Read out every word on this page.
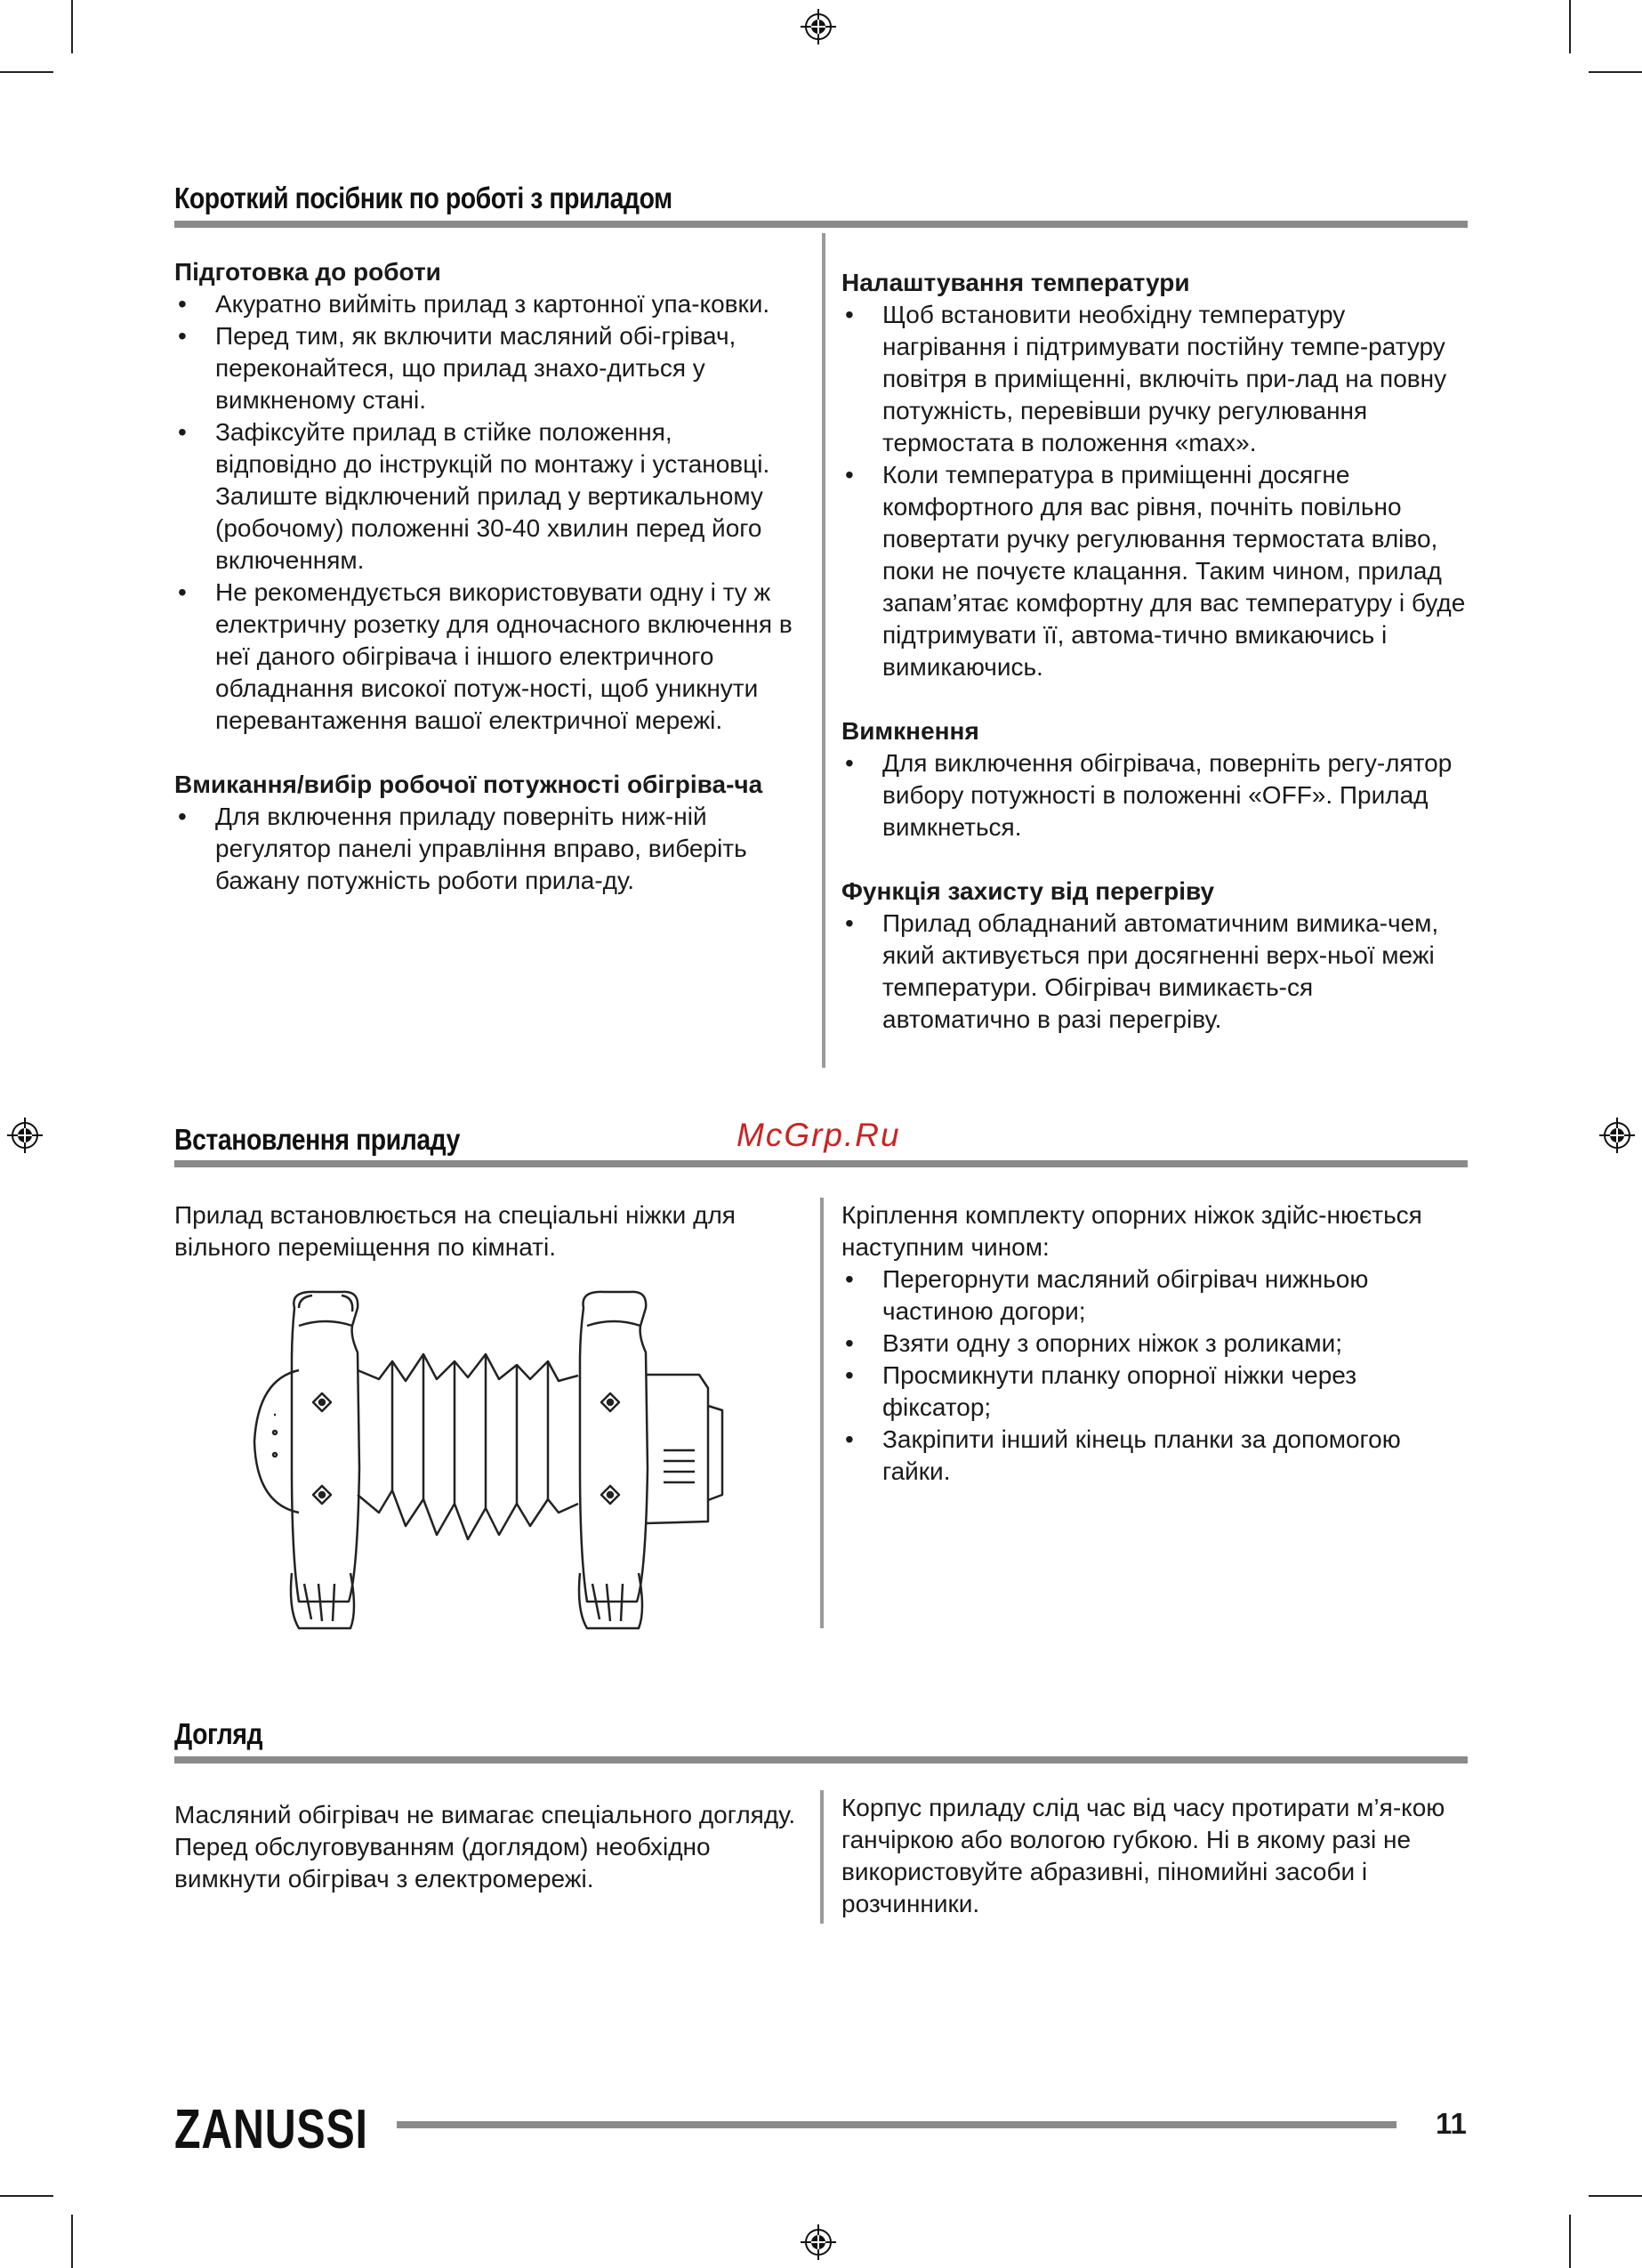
Короткий посібник по роботі з приладом

Підготовка до роботи

• Акуратно вийміть прилад з картонної упа-ковки.
• Перед тим, як включити масляний обі-грівач, переконайтеся, що прилад знахо-диться у вимкненому стані.
• Зафіксуйте прилад в стійке положення, відповідно до інструкцій по монтажу і установці. Залиште відключений прилад у вертикальному (робочому) положенні 30-40 хвилин перед його включенням.
• Не рекомендується використовувати одну і ту ж електричну розетку для одночасного включення в неї даного обігрівача і іншого електричного обладнання високої потуж-ності, щоб уникнути перевантаження вашої електричної мережі.

Вмикання/вибір робочої потужності обігріва-ча

• Для включення приладу поверніть ниж-ній регулятор панелі управління вправо, виберіть бажану потужність роботи прила-ду.

Налаштування температури

• Щоб встановити необхідну температуру нагрівання і підтримувати постійну темпе-ратуру повітря в приміщенні, включіть при-лад на повну потужність, перевівши ручку регулювання термостата в положення «max».
• Коли температура в приміщенні досягне комфортного для вас рівня, почніть повільно повертати ручку регулювання термостата вліво, поки не почуєте клацання. Таким чином, прилад запам’ятає комфортну для вас температуру і буде підтримувати її, автома-тично вмикаючись і вимикаючись.

Вимкнення

• Для виключення обігрівача, поверніть регу-лятор вибору потужності в положенні «OFF». Прилад вимкнеться.

Функція захисту від перегріву

• Прилад обладнаний автоматичним вимика-чем, який активується при досягненні верх-ньої межі температури. Обігрівач вимикаєть-ся автоматично в разі перегріву.
Встановлення приладу	McGrp.Ru

Прилад встановлюється на спеціальні ніжки для вільного переміщення по кімнаті.

Кріплення комплекту опорних ніжок здійс-нюється наступним чином:

• Перегорнути масляний обігрівач нижньою частиною догори;
• Взяти одну з опорних ніжок з роликами;
• Просмикнути планку опорної ніжки через фіксатор;
• Закріпити інший кінець планки за допомогою гайки.
Догляд

Масляний обігрівач не вимагає спеціального догляду.

Перед обслуговуванням (доглядом) необхідно вимкнути обігрівач з електромережі.

Корпус приладу слід час від часу протирати м’я-кою ганчіркою або вологою губкою. Ні в якому разі не використовуйте абразивні, піномийні засоби і розчинники.

ZANUSSI	11
